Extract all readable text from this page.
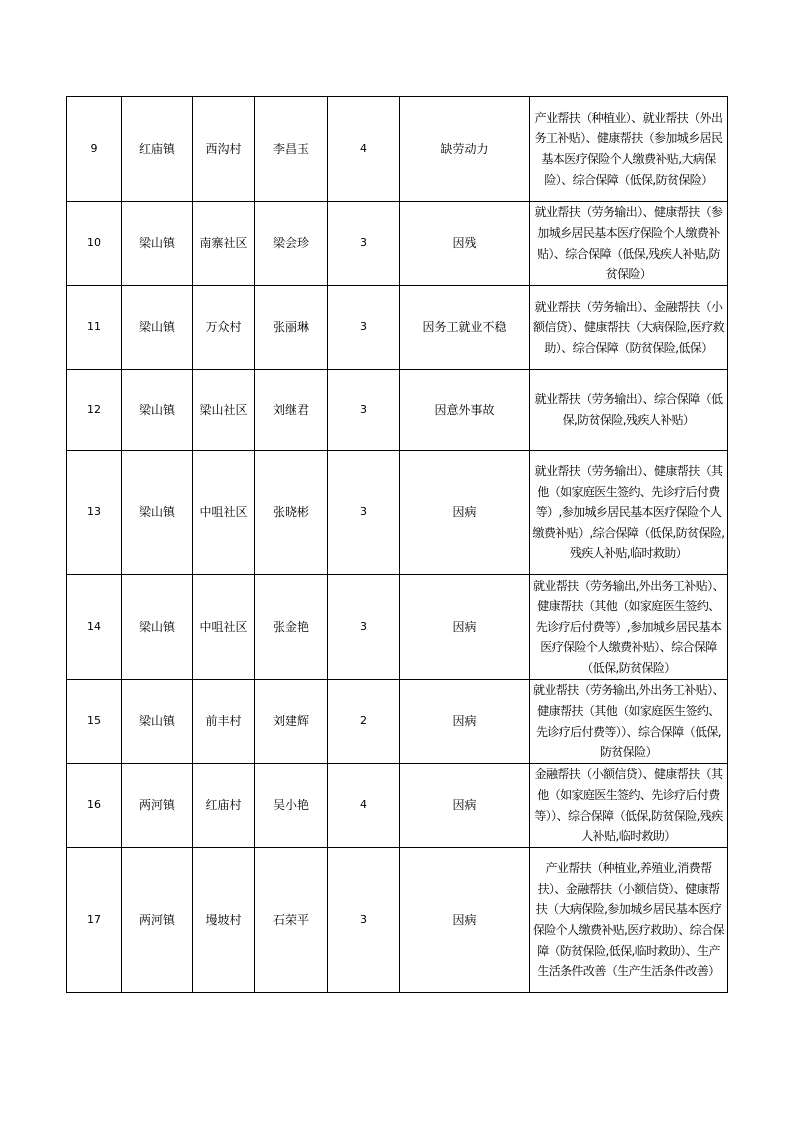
9	红庙镇	西沟村	李昌玉	4	缺劳动力	产业帮扶（种植业）、就业帮扶（外出务工补贴）、健康帮扶（参加城乡居民基本医疗保险个人缴费补贴,大病保险）、综合保障（低保,防贫保险）
10	梁山镇	南寨社区	梁会珍	3	因残	就业帮扶（劳务输出）、健康帮扶（参加城乡居民基本医疗保险个人缴费补贴）、综合保障（低保,残疾人补贴,防贫保险）
11	梁山镇	万众村	张丽琳	3	因务工就业不稳	就业帮扶（劳务输出）、金融帮扶（小额信贷）、健康帮扶（大病保险,医疗救助）、综合保障（防贫保险,低保）
12	梁山镇	梁山社区	刘继君	3	因意外事故	就业帮扶（劳务输出）、综合保障（低保,防贫保险,残疾人补贴）
13	梁山镇	中咀社区	张晓彬	3	因病	就业帮扶（劳务输出）、健康帮扶（其他（如家庭医生签约、先诊疗后付费等）,参加城乡居民基本医疗保险个人缴费补贴）,综合保障（低保,防贫保险,残疾人补贴,临时救助）
14	梁山镇	中咀社区	张金艳	3	因病	就业帮扶（劳务输出,外出务工补贴）、健康帮扶（其他（如家庭医生签约、先诊疗后付费等）,参加城乡居民基本医疗保险个人缴费补贴）、综合保障（低保,防贫保险）
15	梁山镇	前丰村	刘建辉	2	因病	就业帮扶（劳务输出,外出务工补贴）、健康帮扶（其他（如家庭医生签约、先诊疗后付费等））、综合保障（低保,防贫保险）
16	两河镇	红庙村	吴小艳	4	因病	金融帮扶（小额信贷）、健康帮扶（其他（如家庭医生签约、先诊疗后付费等））、综合保障（低保,防贫保险,残疾人补贴,临时救助）
17	两河镇	墁坡村	石荣平	3	因病	产业帮扶（种植业,养殖业,消费帮扶）、金融帮扶（小额信贷）、健康帮扶（大病保险,参加城乡居民基本医疗保险个人缴费补贴,医疗救助）、综合保障（防贫保险,低保,临时救助）、生产生活条件改善（生产生活条件改善）
